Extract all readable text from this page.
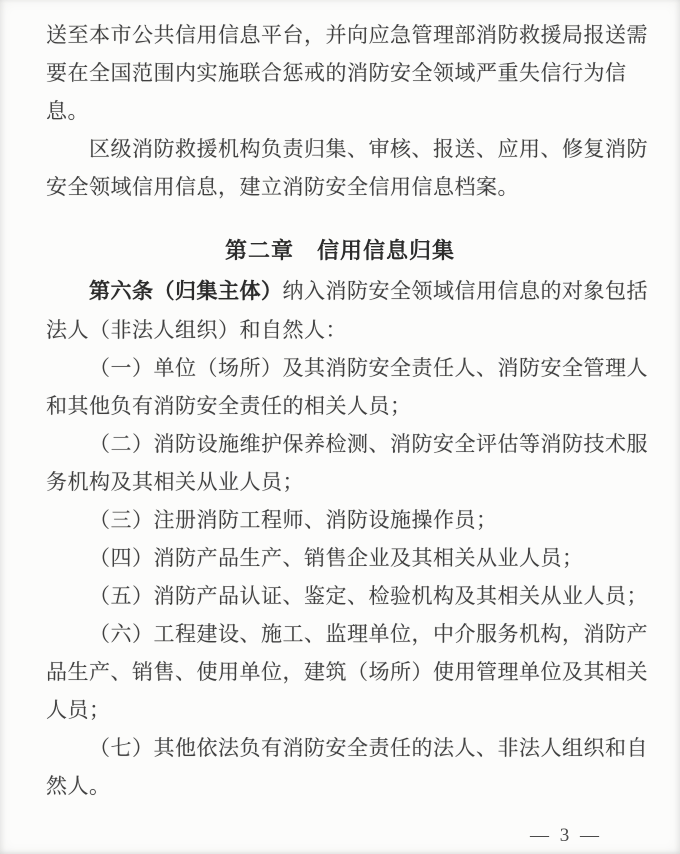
送至本市公共信用信息平台，并向应急管理部消防救援局报送需

要在全国范围内实施联合惩戒的消防安全领域严重失信行为信

息。

区级消防救援机构负责归集、审核、报送、应用、修复消防

安全领域信用信息，建立消防安全信用信息档案。

第二章　信用信息归集

第六条（归集主体）纳入消防安全领域信用信息的对象包括

法人（非法人组织）和自然人：

（一）单位（场所）及其消防安全责任人、消防安全管理人

和其他负有消防安全责任的相关人员；

（二）消防设施维护保养检测、消防安全评估等消防技术服

务机构及其相关从业人员；

（三）注册消防工程师、消防设施操作员；

（四）消防产品生产、销售企业及其相关从业人员；

（五）消防产品认证、鉴定、检验机构及其相关从业人员；

（六）工程建设、施工、监理单位，中介服务机构，消防产

品生产、销售、使用单位，建筑（场所）使用管理单位及其相关

人员；

（七）其他依法负有消防安全责任的法人、非法人组织和自

然人。

— 3 —
